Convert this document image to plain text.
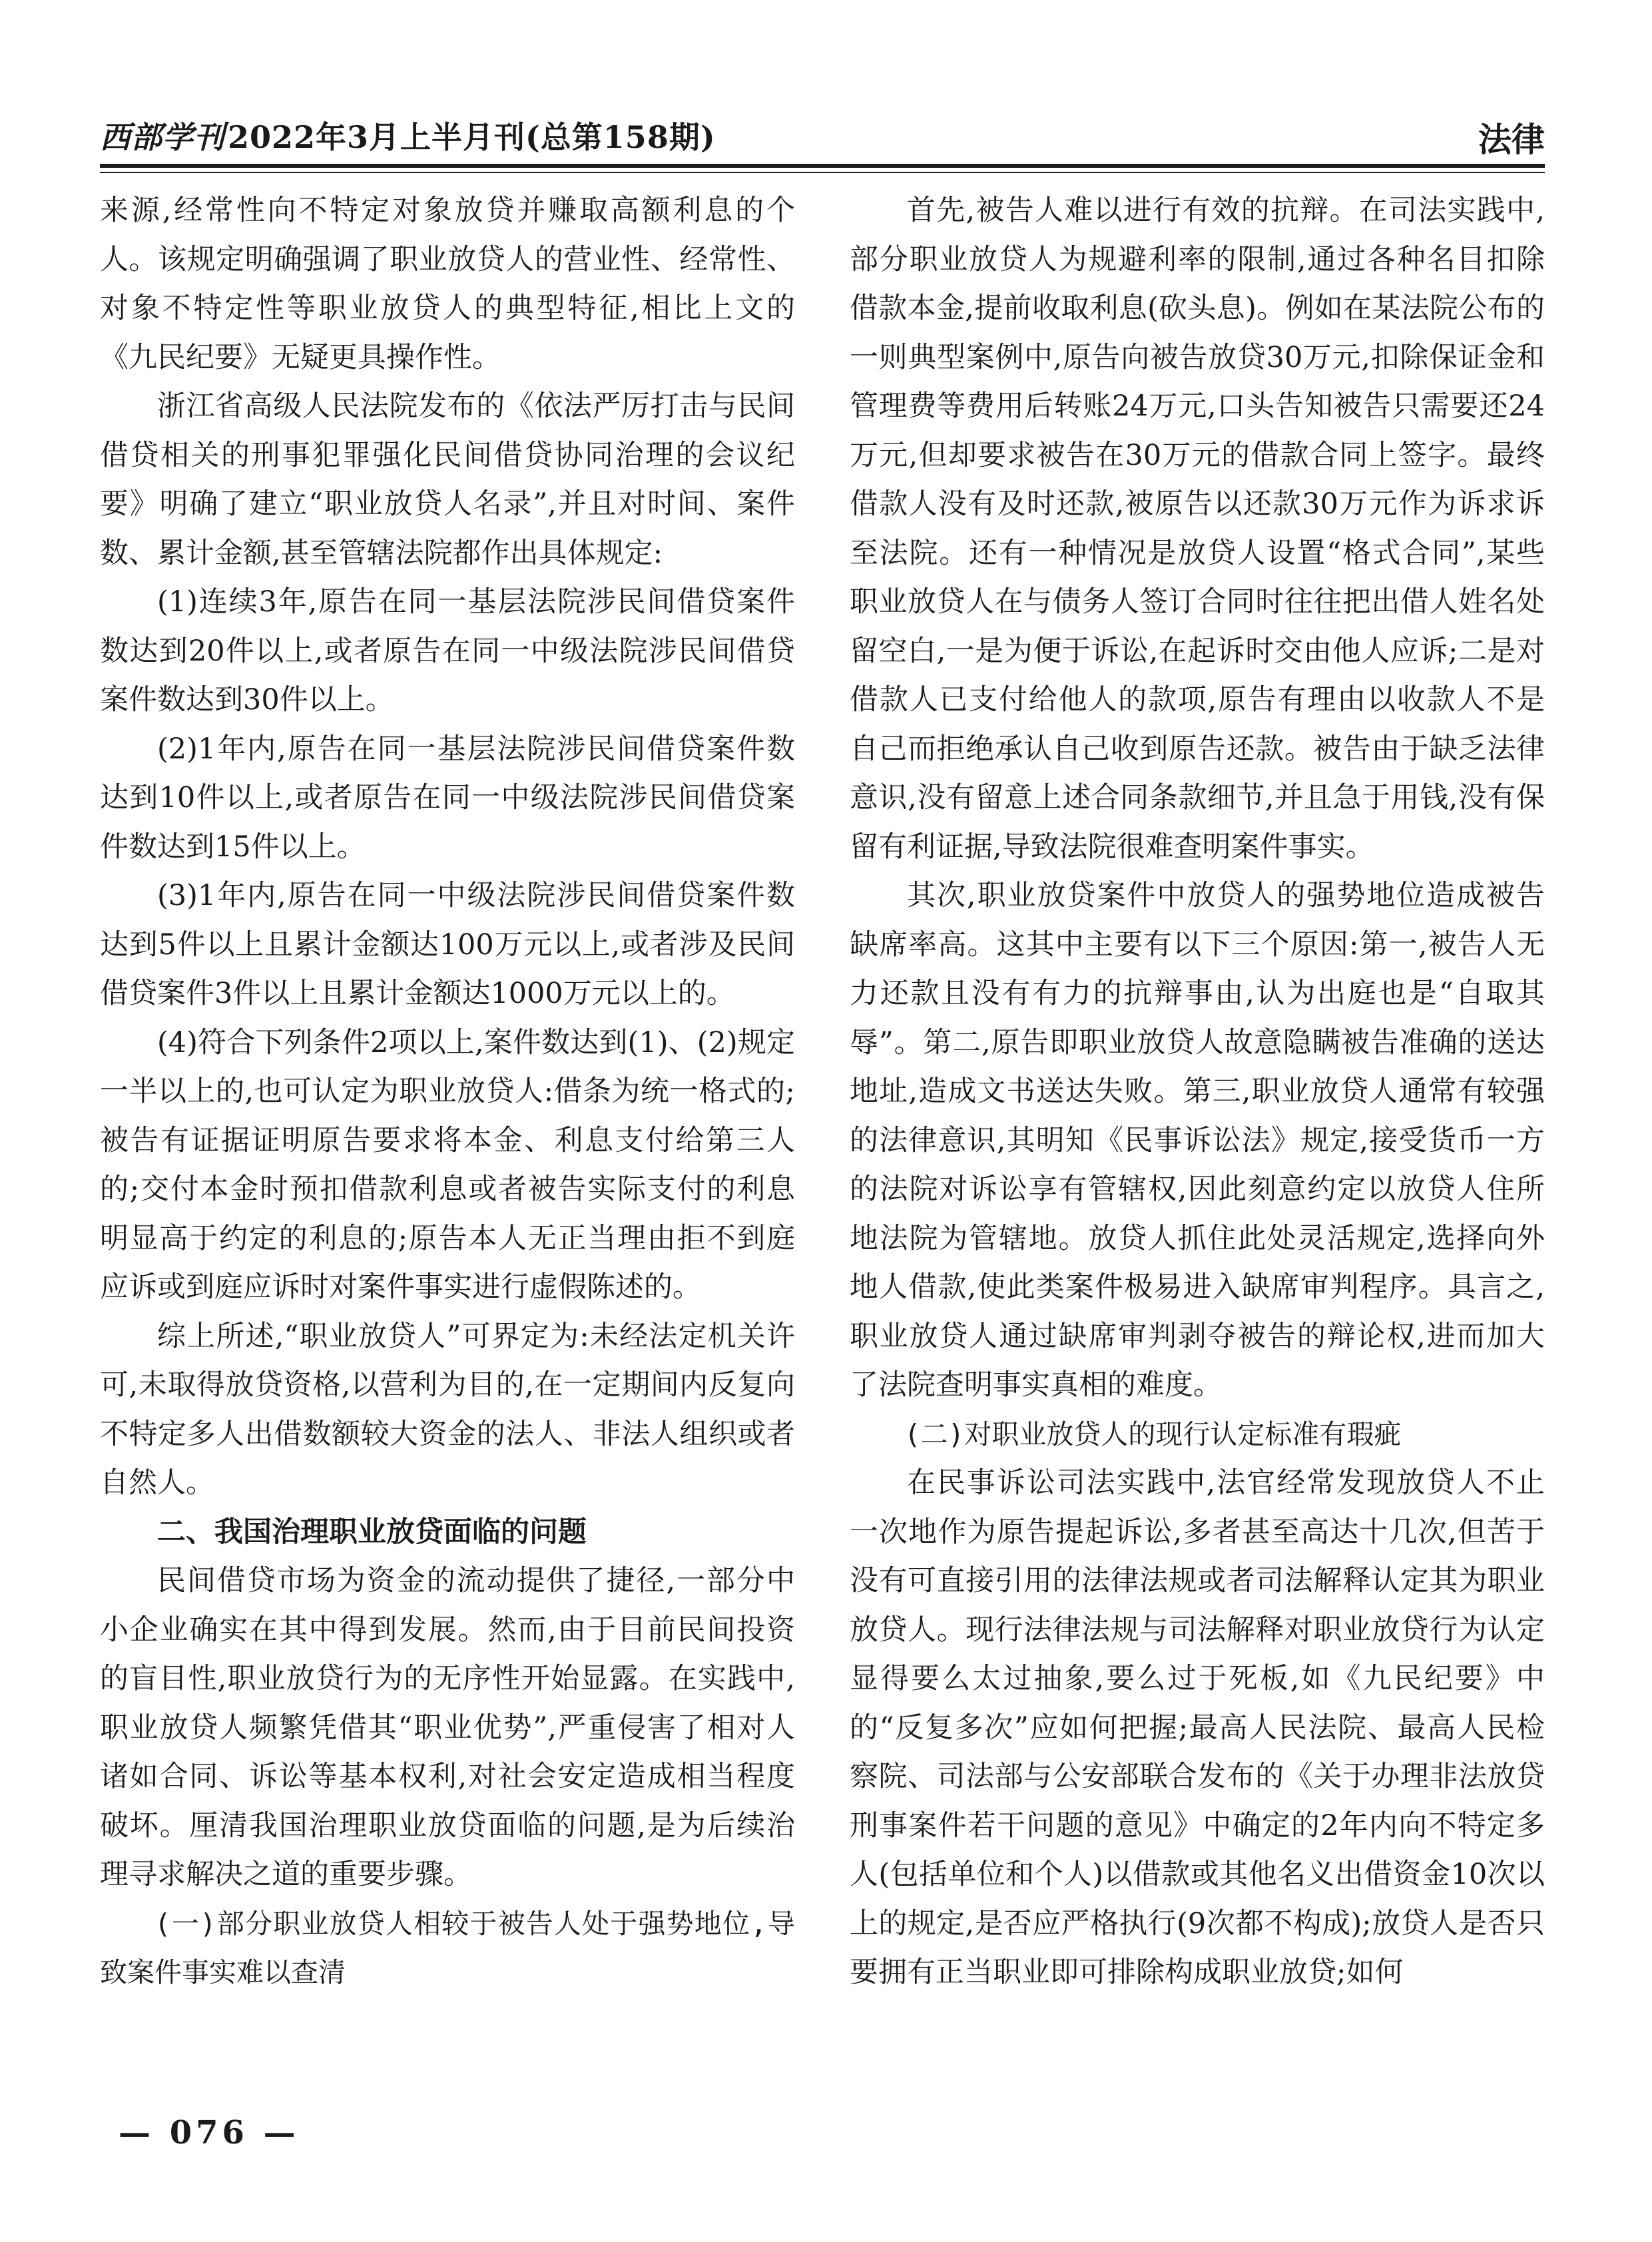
西部学刊2022年3月上半月刊(总第158期)	法律

来源,经常性向不特定对象放贷并赚取高额利息的个人。该规定明确强调了职业放贷人的营业性、经常性、对象不特定性等职业放贷人的典型特征,相比上文的《九民纪要》无疑更具操作性。

浙江省高级人民法院发布的《依法严厉打击与民间借贷相关的刑事犯罪强化民间借贷协同治理的会议纪要》明确了建立“职业放贷人名录”,并且对时间、案件数、累计金额,甚至管辖法院都作出具体规定:

(1)连续3年,原告在同一基层法院涉民间借贷案件数达到20件以上,或者原告在同一中级法院涉民间借贷案件数达到30件以上。

(2)1年内,原告在同一基层法院涉民间借贷案件数达到10件以上,或者原告在同一中级法院涉民间借贷案件数达到15件以上。

(3)1年内,原告在同一中级法院涉民间借贷案件数达到5件以上且累计金额达100万元以上,或者涉及民间借贷案件3件以上且累计金额达1000万元以上的。

(4)符合下列条件2项以上,案件数达到(1)、(2)规定一半以上的,也可认定为职业放贷人:借条为统一格式的;被告有证据证明原告要求将本金、利息支付给第三人的;交付本金时预扣借款利息或者被告实际支付的利息明显高于约定的利息的;原告本人无正当理由拒不到庭应诉或到庭应诉时对案件事实进行虚假陈述的。

综上所述,“职业放贷人”可界定为:未经法定机关许可,未取得放贷资格,以营利为目的,在一定期间内反复向不特定多人出借数额较大资金的法人、非法人组织或者自然人。

二、我国治理职业放贷面临的问题

民间借贷市场为资金的流动提供了捷径,一部分中小企业确实在其中得到发展。然而,由于目前民间投资的盲目性,职业放贷行为的无序性开始显露。在实践中,职业放贷人频繁凭借其“职业优势”,严重侵害了相对人诸如合同、诉讼等基本权利,对社会安定造成相当程度破坏。厘清我国治理职业放贷面临的问题,是为后续治理寻求解决之道的重要步骤。

(一)部分职业放贷人相较于被告人处于强势地位,导致案件事实难以查清

首先,被告人难以进行有效的抗辩。在司法实践中,部分职业放贷人为规避利率的限制,通过各种名目扣除借款本金,提前收取利息(砍头息)。例如在某法院公布的一则典型案例中,原告向被告放贷30万元,扣除保证金和管理费等费用后转账24万元,口头告知被告只需要还24万元,但却要求被告在30万元的借款合同上签字。最终借款人没有及时还款,被原告以还款30万元作为诉求诉至法院。还有一种情况是放贷人设置“格式合同”,某些职业放贷人在与债务人签订合同时往往把出借人姓名处留空白,一是为便于诉讼,在起诉时交由他人应诉;二是对借款人已支付给他人的款项,原告有理由以收款人不是自己而拒绝承认自己收到原告还款。被告由于缺乏法律意识,没有留意上述合同条款细节,并且急于用钱,没有保留有利证据,导致法院很难查明案件事实。

其次,职业放贷案件中放贷人的强势地位造成被告缺席率高。这其中主要有以下三个原因:第一,被告人无力还款且没有有力的抗辩事由,认为出庭也是“自取其辱”。第二,原告即职业放贷人故意隐瞒被告准确的送达地址,造成文书送达失败。第三,职业放贷人通常有较强的法律意识,其明知《民事诉讼法》规定,接受货币一方的法院对诉讼享有管辖权,因此刻意约定以放贷人住所地法院为管辖地。放贷人抓住此处灵活规定,选择向外地人借款,使此类案件极易进入缺席审判程序。具言之,职业放贷人通过缺席审判剥夺被告的辩论权,进而加大了法院查明事实真相的难度。

(二)对职业放贷人的现行认定标准有瑕疵

在民事诉讼司法实践中,法官经常发现放贷人不止一次地作为原告提起诉讼,多者甚至高达十几次,但苦于没有可直接引用的法律法规或者司法解释认定其为职业放贷人。现行法律法规与司法解释对职业放贷行为认定显得要么太过抽象,要么过于死板,如《九民纪要》中的“反复多次”应如何把握;最高人民法院、最高人民检察院、司法部与公安部联合发布的《关于办理非法放贷刑事案件若干问题的意见》中确定的2年内向不特定多人(包括单位和个人)以借款或其他名义出借资金10次以上的规定,是否应严格执行(9次都不构成);放贷人是否只要拥有正当职业即可排除构成职业放贷;如何

— 076 —
